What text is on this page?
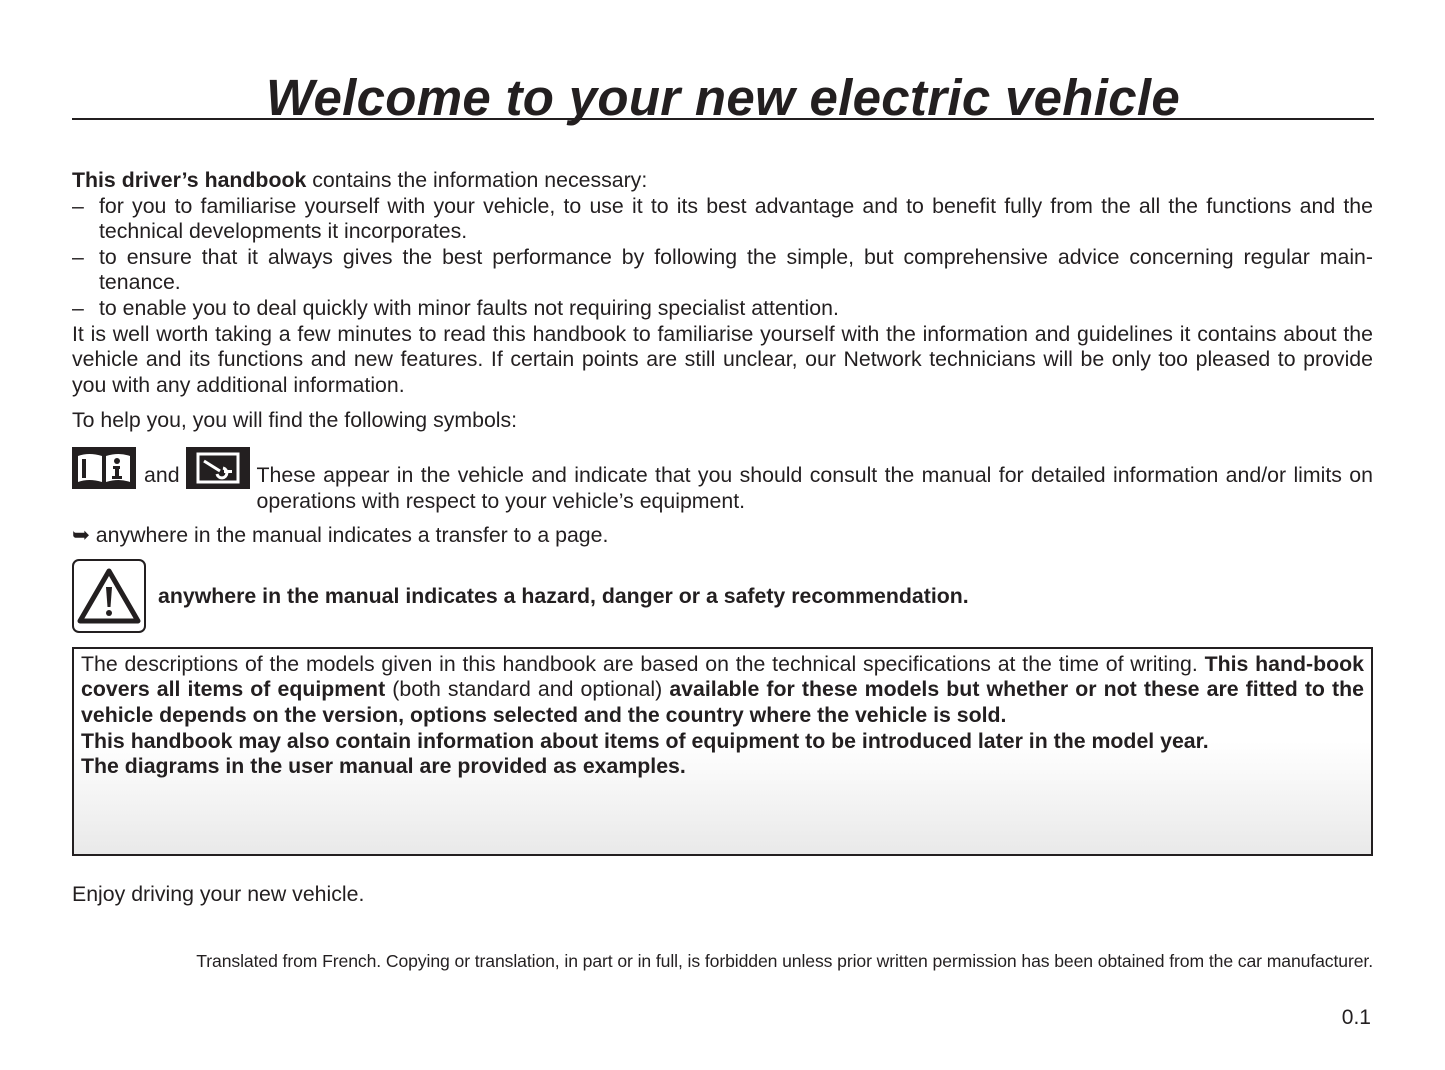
Welcome to your new electric vehicle

This driver’s handbook contains the information necessary:

– for you to familiarise yourself with your vehicle, to use it to its best advantage and to benefit fully from the all the functions and the technical developments it incorporates.
– to ensure that it always gives the best performance by following the simple, but comprehensive advice concerning regular main-tenance.
– to enable you to deal quickly with minor faults not requiring specialist attention.

It is well worth taking a few minutes to read this handbook to familiarise yourself with the information and guidelines it contains about the vehicle and its functions and new features. If certain points are still unclear, our Network technicians will be only too pleased to provide you with any additional information.

To help you, you will find the following symbols:

and	These appear in the vehicle and indicate that you should consult the manual for detailed information and/or limits on operations with respect to your vehicle’s equipment.

➥ anywhere in the manual indicates a transfer to a page.

anywhere in the manual indicates a hazard, danger or a safety recommendation.

The descriptions of the models given in this handbook are based on the technical specifications at the time of writing. This hand-book covers all items of equipment (both standard and optional) available for these models but whether or not these are fitted to the vehicle depends on the version, options selected and the country where the vehicle is sold.

This handbook may also contain information about items of equipment to be introduced later in the model year.

The diagrams in the user manual are provided as examples.

Enjoy driving your new vehicle.

Translated from French. Copying or translation, in part or in full, is forbidden unless prior written permission has been obtained from the car manufacturer.
0.1
